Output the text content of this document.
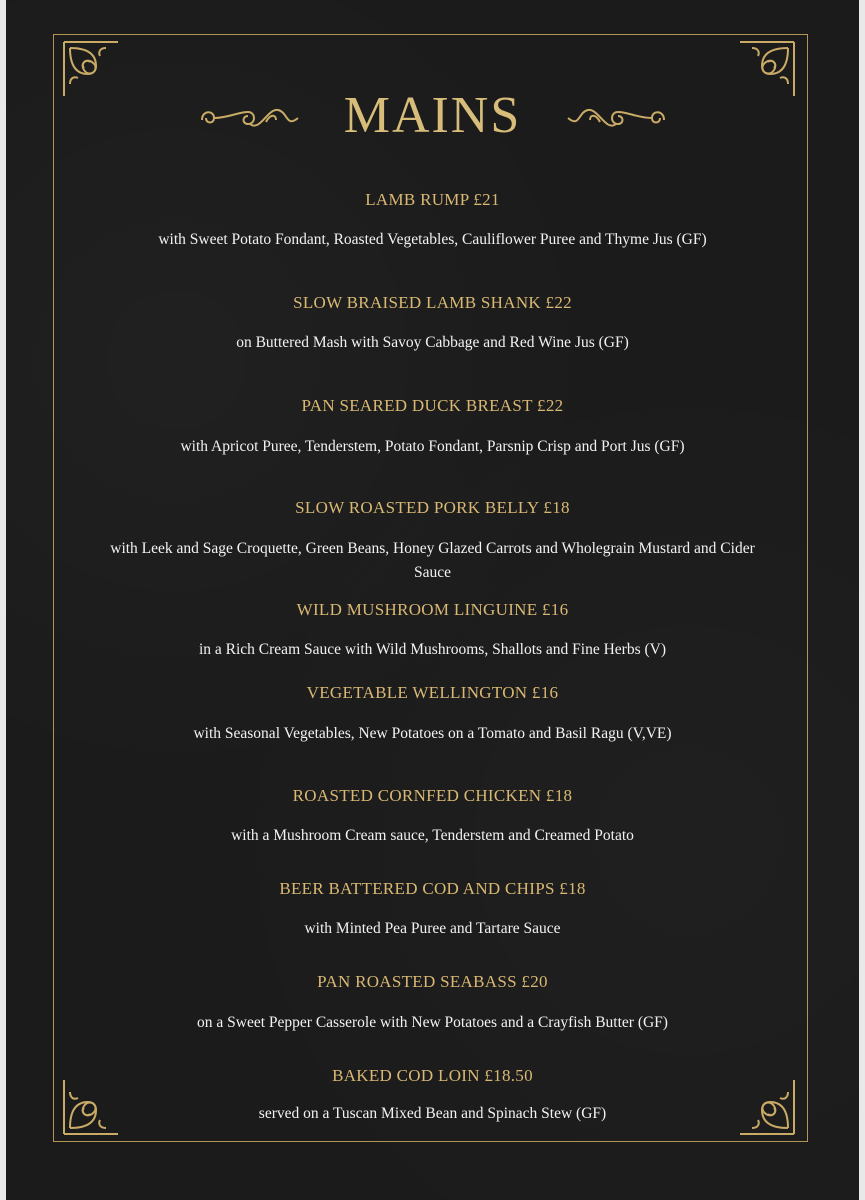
MAINS
LAMB RUMP £21
with Sweet Potato Fondant, Roasted Vegetables, Cauliflower Puree and Thyme Jus (GF)
SLOW BRAISED LAMB SHANK £22
on Buttered Mash with Savoy Cabbage and Red Wine Jus (GF)
PAN SEARED DUCK BREAST £22
with Apricot Puree, Tenderstem, Potato Fondant, Parsnip Crisp and Port Jus (GF)
SLOW ROASTED PORK BELLY £18
with Leek and Sage Croquette, Green Beans, Honey Glazed Carrots and Wholegrain Mustard and Cider Sauce
WILD MUSHROOM LINGUINE £16
in a Rich Cream Sauce with Wild Mushrooms, Shallots and Fine Herbs (V)
VEGETABLE WELLINGTON £16
with Seasonal Vegetables, New Potatoes on a Tomato and Basil Ragu (V,VE)
ROASTED CORNFED CHICKEN £18
with a Mushroom Cream sauce, Tenderstem and Creamed Potato
BEER BATTERED COD AND CHIPS £18
with Minted Pea Puree and Tartare Sauce
PAN ROASTED SEABASS £20
on a Sweet Pepper Casserole with New Potatoes and a Crayfish Butter (GF)
BAKED COD LOIN £18.50
served on a Tuscan Mixed Bean and Spinach Stew (GF)
